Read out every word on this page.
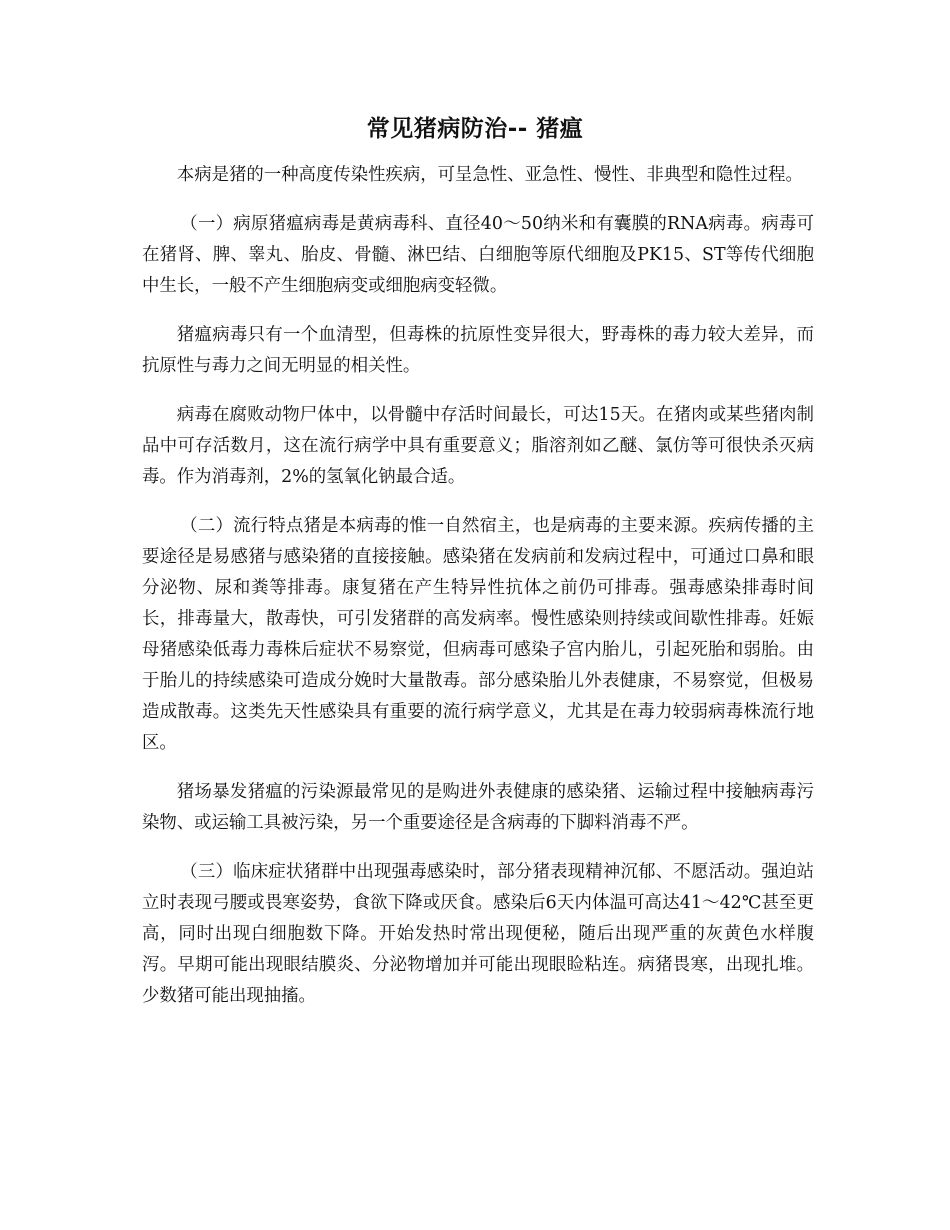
常见猪病防治-- 猪瘟

本病是猪的一种高度传染性疾病，可呈急性、亚急性、慢性、非典型和隐性过程。

（一）病原猪瘟病毒是黄病毒科、直径40～50纳米和有囊膜的RNA病毒。病毒可在猪肾、脾、睾丸、胎皮、骨髓、淋巴结、白细胞等原代细胞及PK15、ST等传代细胞中生长，一般不产生细胞病变或细胞病变轻微。

猪瘟病毒只有一个血清型，但毒株的抗原性变异很大，野毒株的毒力较大差异，而抗原性与毒力之间无明显的相关性。

病毒在腐败动物尸体中，以骨髓中存活时间最长，可达15天。在猪肉或某些猪肉制品中可存活数月，这在流行病学中具有重要意义；脂溶剂如乙醚、氯仿等可很快杀灭病毒。作为消毒剂，2%的氢氧化钠最合适。

（二）流行特点猪是本病毒的惟一自然宿主，也是病毒的主要来源。疾病传播的主要途径是易感猪与感染猪的直接接触。感染猪在发病前和发病过程中，可通过口鼻和眼分泌物、尿和粪等排毒。康复猪在产生特异性抗体之前仍可排毒。强毒感染排毒时间长，排毒量大，散毒快，可引发猪群的高发病率。慢性感染则持续或间歇性排毒。妊娠母猪感染低毒力毒株后症状不易察觉，但病毒可感染子宫内胎儿，引起死胎和弱胎。由于胎儿的持续感染可造成分娩时大量散毒。部分感染胎儿外表健康，不易察觉，但极易造成散毒。这类先天性感染具有重要的流行病学意义，尤其是在毒力较弱病毒株流行地区。

猪场暴发猪瘟的污染源最常见的是购进外表健康的感染猪、运输过程中接触病毒污染物、或运输工具被污染，另一个重要途径是含病毒的下脚料消毒不严。

（三）临床症状猪群中出现强毒感染时，部分猪表现精神沉郁、不愿活动。强迫站立时表现弓腰或畏寒姿势，食欲下降或厌食。感染后6天内体温可高达41～42℃甚至更高，同时出现白细胞数下降。开始发热时常出现便秘，随后出现严重的灰黄色水样腹泻。早期可能出现眼结膜炎、分泌物增加并可能出现眼睑粘连。病猪畏寒，出现扎堆。少数猪可能出现抽搐。
